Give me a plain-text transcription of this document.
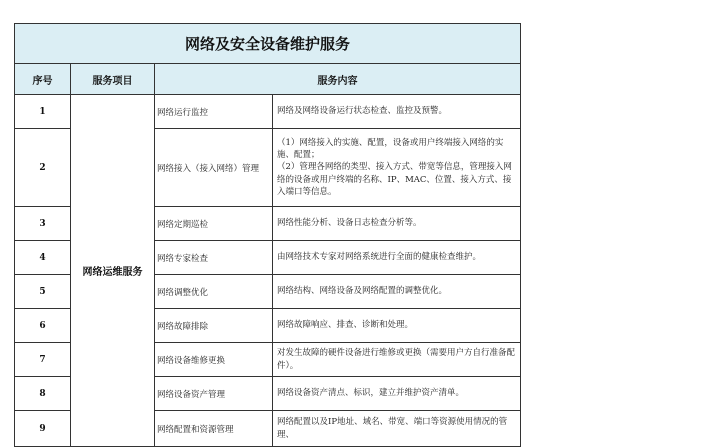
网络及安全设备维护服务			
序号	服务项目	服务内容	
1	网络运维服务	网络运行监控	网络及网络设备运行状态检查、监控及预警。

2		网络接入（接入网络）管理	（1）网络接入的实施、配置，设备或用户终端接入网络的实施、配置；
（2）管理各网络的类型、接入方式、带宽等信息，管理接入网络的设备或用户终端的名称、IP、MAC、位置、接入方式、接入端口等信息。

3		网络定期巡检	网络性能分析、设备日志检查分析等。

4		网络专家检查	由网络技术专家对网络系统进行全面的健康检查维护。

5		网络调整优化	网络结构、网络设备及网络配置的调整优化。

6		网络故障排除	网络故障响应、排查、诊断和处理。

7		网络设备维修更换	对发生故障的硬件设备进行维修或更换（需要用户方自行准备配件）。

8		网络设备资产管理	网络设备资产清点、标识，建立并维护资产清单。

9		网络配置和资源管理	网络配置以及IP地址、域名、带宽、端口等资源使用情况的管理、
